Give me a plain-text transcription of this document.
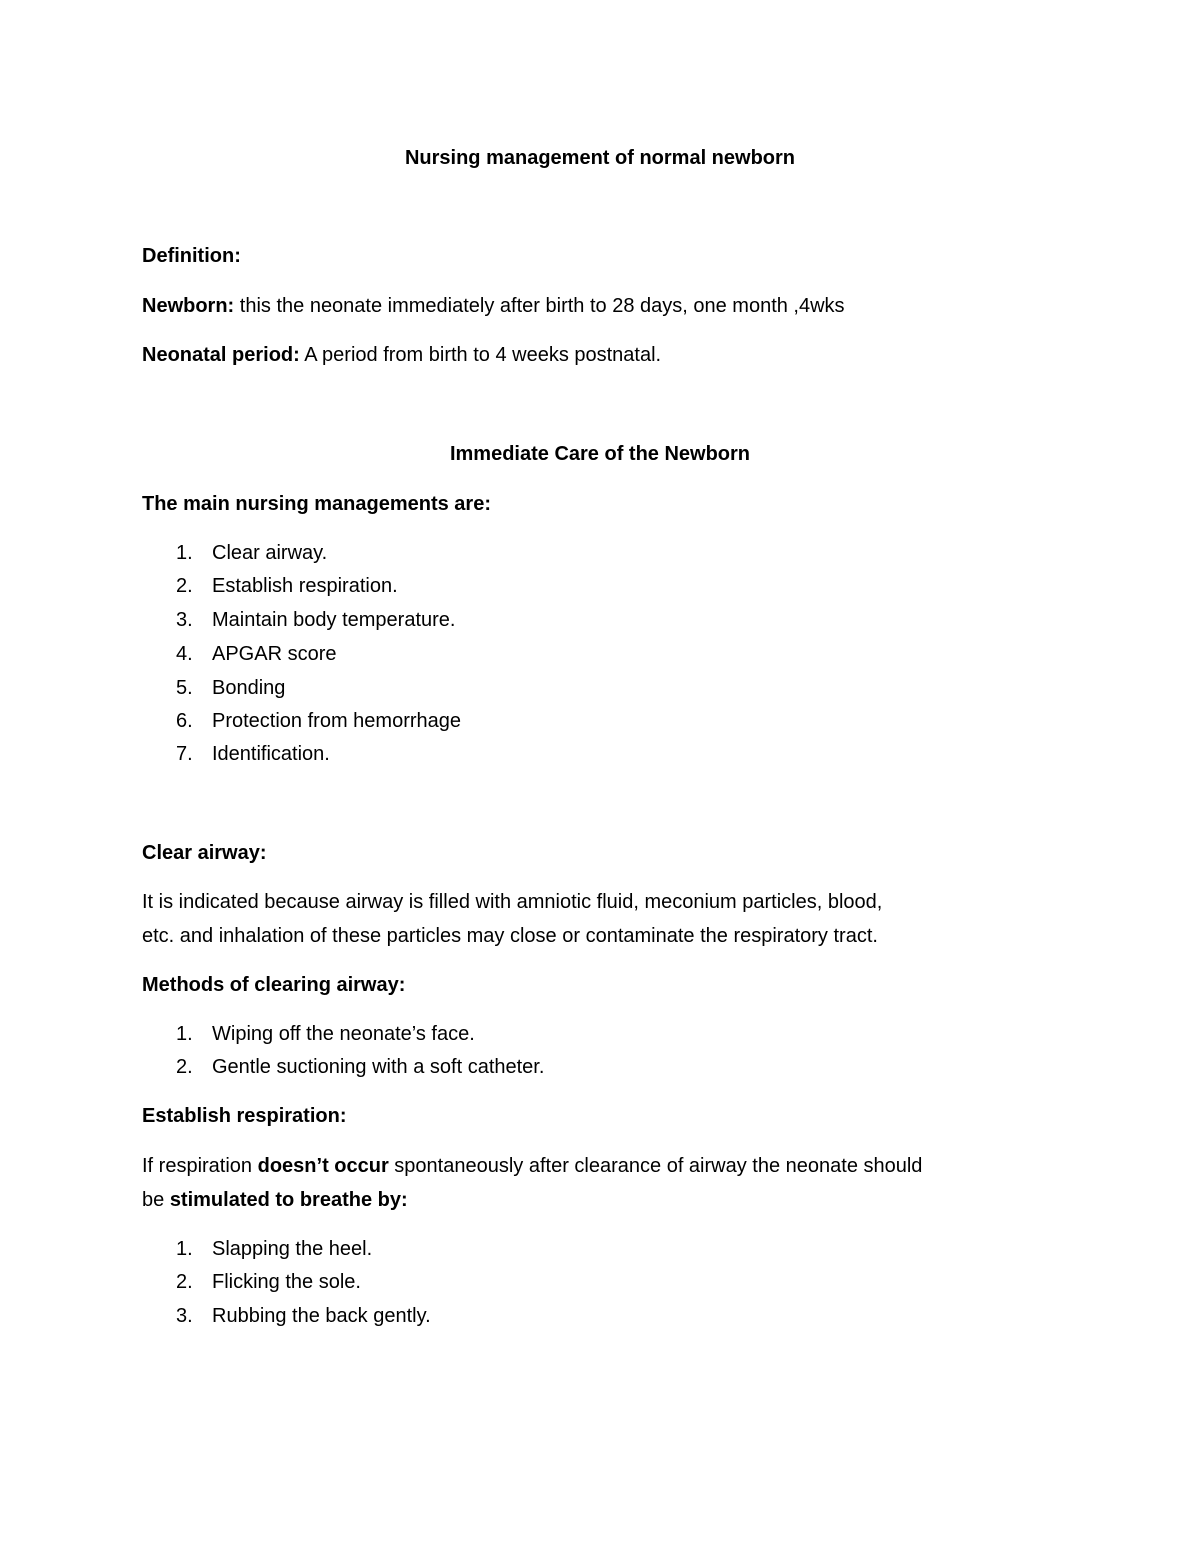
Nursing management of normal newborn
Definition:
Newborn: this the neonate immediately after birth to 28 days, one month ,4wks
Neonatal period: A period from birth to 4 weeks postnatal.
Immediate Care of the Newborn
The main nursing managements are:
1. Clear airway.
2. Establish respiration.
3. Maintain body temperature.
4. APGAR score
5. Bonding
6. Protection from hemorrhage
7. Identification.
Clear airway:
It is indicated because airway is filled with amniotic fluid, meconium particles, blood,
etc. and inhalation of these particles may close or contaminate the respiratory tract.
Methods of clearing airway:
1. Wiping off the neonate’s face.
2. Gentle suctioning with a soft catheter.
Establish respiration:
If respiration doesn’t occur spontaneously after clearance of airway the neonate should
be stimulated to breathe by:
1. Slapping the heel.
2. Flicking the sole.
3. Rubbing the back gently.
